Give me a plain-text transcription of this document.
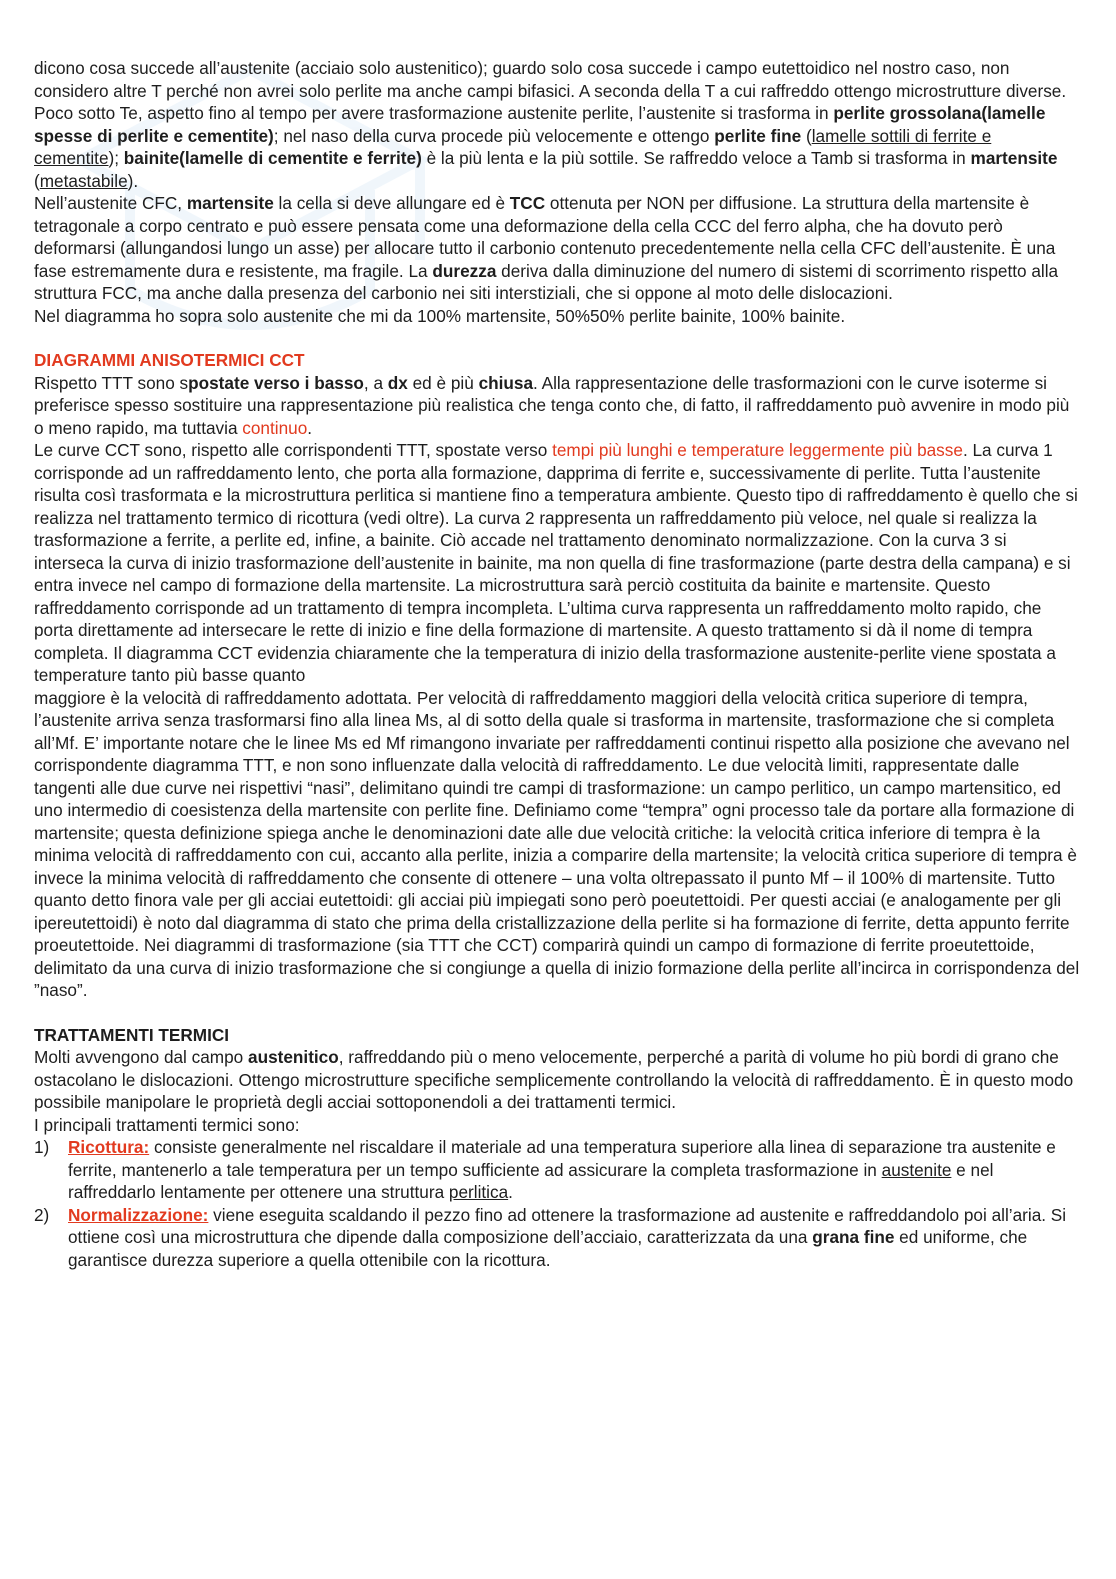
dicono cosa succede all’austenite (acciaio solo austenitico); guardo solo cosa succede i campo eutettoidico nel nostro caso, non considero altre T perché non avrei solo perlite ma anche campi bifasici. A seconda della T a cui raffreddo ottengo microstrutture diverse.

Poco sotto Te, aspetto fino al tempo per avere trasformazione austenite perlite, l’austenite si trasforma in perlite grossolana(lamelle spesse di perlite e cementite); nel naso della curva procede più velocemente e ottengo perlite fine (lamelle sottili di ferrite e cementite); bainite(lamelle di cementite e ferrite) è la più lenta e la più sottile. Se raffreddo veloce a Tamb si trasforma in martensite (metastabile).

Nell’austenite CFC, martensite la cella si deve allungare ed è TCC ottenuta per NON per diffusione. La struttura della martensite è tetragonale a corpo centrato e può essere pensata come una deformazione della cella CCC del ferro alpha, che ha dovuto però deformarsi (allungandosi lungo un asse) per allocare tutto il carbonio contenuto precedentemente nella cella CFC dell’austenite. È una fase estremamente dura e resistente, ma fragile. La durezza deriva dalla diminuzione del numero di sistemi di scorrimento rispetto alla struttura FCC, ma anche dalla presenza del carbonio nei siti interstiziali, che si oppone al moto delle dislocazioni.

Nel diagramma ho sopra solo austenite che mi da 100% martensite, 50%50% perlite bainite, 100% bainite.

DIAGRAMMI ANISOTERMICI CCT

Rispetto TTT sono spostate verso i basso, a dx ed è più chiusa. Alla rappresentazione delle trasformazioni con le curve isoterme si preferisce spesso sostituire una rappresentazione più realistica che tenga conto che, di fatto, il raffreddamento può avvenire in modo più o meno rapido, ma tuttavia continuo.

Le curve CCT sono, rispetto alle corrispondenti TTT, spostate verso tempi più lunghi e temperature leggermente più basse. La curva 1 corrisponde ad un raffreddamento lento, che porta alla formazione, dapprima di ferrite e, successivamente di perlite. Tutta l’austenite risulta così trasformata e la microstruttura perlitica si mantiene fino a temperatura ambiente. Questo tipo di raffreddamento è quello che si realizza nel trattamento termico di ricottura (vedi oltre). La curva 2 rappresenta un raffreddamento più veloce, nel quale si realizza la trasformazione a ferrite, a perlite ed, infine, a bainite. Ciò accade nel trattamento denominato normalizzazione. Con la curva 3 si interseca la curva di inizio trasformazione dell’austenite in bainite, ma non quella di fine trasformazione (parte destra della campana) e si entra invece nel campo di formazione della martensite. La microstruttura sarà perciò costituita da bainite e martensite. Questo raffreddamento corrisponde ad un trattamento di tempra incompleta. L’ultima curva rappresenta un raffreddamento molto rapido, che porta direttamente ad intersecare le rette di inizio e fine della formazione di martensite. A questo trattamento si dà il nome di tempra completa. Il diagramma CCT evidenzia chiaramente che la temperatura di inizio della trasformazione austenite-perlite viene spostata a temperature tanto più basse quanto

maggiore è la velocità di raffreddamento adottata. Per velocità di raffreddamento maggiori della velocità critica superiore di tempra, l’austenite arriva senza trasformarsi fino alla linea Ms, al di sotto della quale si trasforma in martensite, trasformazione che si completa all’Mf. E’ importante notare che le linee Ms ed Mf rimangono invariate per raffreddamenti continui rispetto alla posizione che avevano nel corrispondente diagramma TTT, e non sono influenzate dalla velocità di raffreddamento. Le due velocità limiti, rappresentate dalle tangenti alle due curve nei rispettivi “nasi”, delimitano quindi tre campi di trasformazione: un campo perlitico, un campo martensitico, ed uno intermedio di coesistenza della martensite con perlite fine. Definiamo come “tempra” ogni processo tale da portare alla formazione di martensite; questa definizione spiega anche le denominazioni date alle due velocità critiche: la velocità critica inferiore di tempra è la minima velocità di raffreddamento con cui, accanto alla perlite, inizia a comparire della martensite; la velocità critica superiore di tempra è invece la minima velocità di raffreddamento che consente di ottenere – una volta oltrepassato il punto Mf – il 100% di martensite. Tutto quanto detto finora vale per gli acciai eutettoidi: gli acciai più impiegati sono però poeutettoidi. Per questi acciai (e analogamente per gli ipereutettoidi) è noto dal diagramma di stato che prima della cristallizzazione della perlite si ha formazione di ferrite, detta appunto ferrite proeutettoide. Nei diagrammi di trasformazione (sia TTT che CCT) comparirà quindi un campo di formazione di ferrite proeutettoide, delimitato da una curva di inizio trasformazione che si congiunge a quella di inizio formazione della perlite all’incirca in corrispondenza del ”naso”.

TRATTAMENTI TERMICI

Molti avvengono dal campo austenitico, raffreddando più o meno velocemente, perperché a parità di volume ho più bordi di grano che ostacolano le dislocazioni. Ottengo microstrutture specifiche semplicemente controllando la velocità di raffreddamento. È in questo modo possibile manipolare le proprietà degli acciai sottoponendoli a dei trattamenti termici.

I principali trattamenti termici sono:

1) Ricottura: consiste generalmente nel riscaldare il materiale ad una temperatura superiore alla linea di separazione tra austenite e ferrite, mantenerlo a tale temperatura per un tempo sufficiente ad assicurare la completa trasformazione in austenite e nel raffreddarlo lentamente per ottenere una struttura perlitica.
2) Normalizzazione: viene eseguita scaldando il pezzo fino ad ottenere la trasformazione ad austenite e raffreddandolo poi all’aria. Si ottiene così una microstruttura che dipende dalla composizione dell’acciaio, caratterizzata da una grana fine ed uniforme, che garantisce durezza superiore a quella ottenibile con la ricottura.
